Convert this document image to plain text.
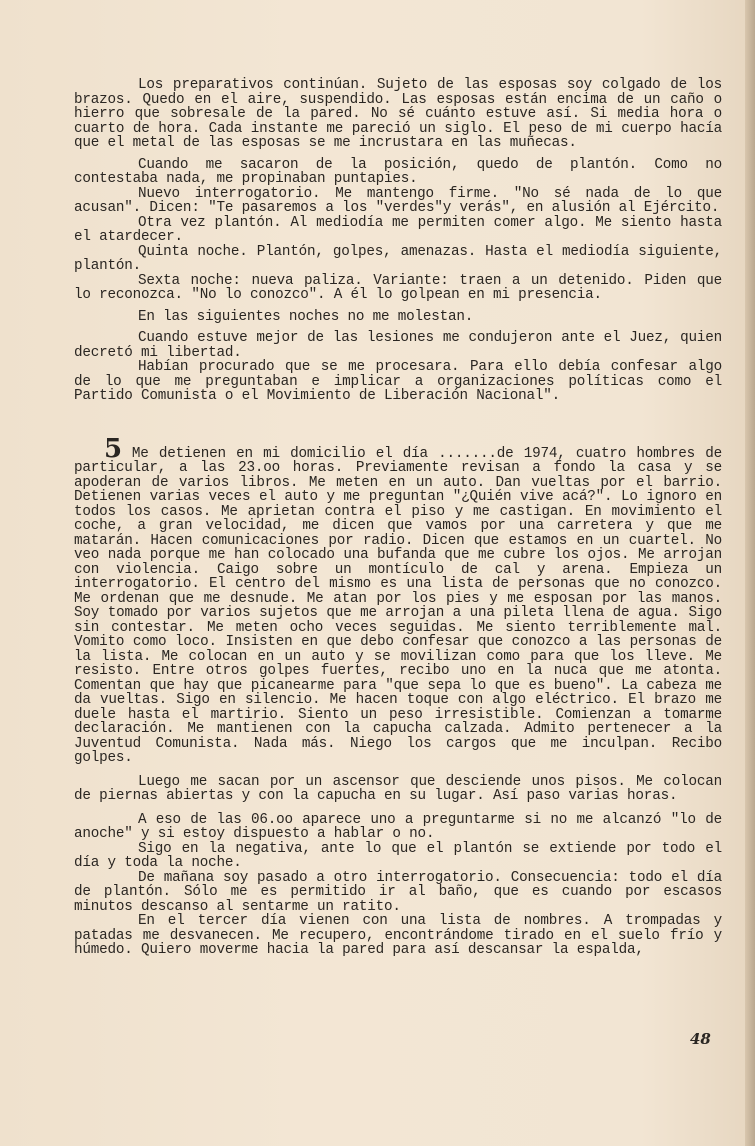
Los preparativos continúan. Sujeto de las esposas soy colgado de los brazos. Quedo en el aire, suspendido. Las esposas están encima de un caño o hierro que sobresale de la pared. No sé cuánto estuve así. Si media hora o cuarto de hora. Cada instante me pareció un siglo. El peso de mi cuerpo hacía que el metal de las esposas se me incrustara en las muñecas.

Cuando me sacaron de la posición, quedo de plantón. Como no contestaba nada, me propinaban puntapies.

Nuevo interrogatorio. Me mantengo firme. "No sé nada de lo que acusan". Dicen: "Te pasaremos a los "verdes"y verás", en alusión al Ejército.

Otra vez plantón. Al mediodía me permiten comer algo. Me siento hasta el atardecer.

Quinta noche. Plantón, golpes, amenazas. Hasta el mediodía siguiente, plantón.

Sexta noche: nueva paliza. Variante: traen a un detenido. Piden que lo reconozca. "No lo conozco". A él lo golpean en mi presencia.

En las siguientes noches no me molestan.

Cuando estuve mejor de las lesiones me condujeron ante el Juez, quien decretó mi libertad.

Habían procurado que se me procesara. Para ello debía confesar algo de lo que me preguntaban e implicar a organizaciones políticas como el Partido Comunista o el Movimiento de Liberación Nacional".

5 Me detienen en mi domicilio el día .......de 1974, cuatro hombres de particular, a las 23.oo horas. Previamente revisan a fondo la casa y se apoderan de varios libros. Me meten en un auto. Dan vueltas por el barrio. Detienen varias veces el auto y me preguntan "¿Quién vive acá?". Lo ignoro en todos los casos. Me aprietan contra el piso y me castigan. En movimiento el coche, a gran velocidad, me dicen que vamos por una carretera y que me matarán. Hacen comunicaciones por radio. Dicen que estamos en un cuartel. No veo nada porque me han colocado una bufanda que me cubre los ojos. Me arrojan con violencia. Caigo sobre un montículo de cal y arena. Empieza un interrogatorio. El centro del mismo es una lista de personas que no conozco. Me ordenan que me desnude. Me atan por los pies y me esposan por las manos. Soy tomado por varios sujetos que me arrojan a una pileta llena de agua. Sigo sin contestar. Me meten ocho veces seguidas. Me siento terriblemente mal. Vomito como loco. Insisten en que debo confesar que conozco a las personas de la lista. Me colocan en un auto y se movilizan como para que los lleve. Me resisto. Entre otros golpes fuertes, recibo uno en la nuca que me atonta. Comentan que hay que picanearme para "que sepa lo que es bueno". La cabeza me da vueltas. Sigo en silencio. Me hacen toque con algo eléctrico. El brazo me duele hasta el martirio. Siento un peso irresistible. Comienzan a tomarme declaración. Me mantienen con la capucha calzada. Admito pertenecer a la Juventud Comunista. Nada más. Niego los cargos que me inculpan. Recibo golpes.

Luego me sacan por un ascensor que desciende unos pisos. Me colocan de piernas abiertas y con la capucha en su lugar. Así paso varias horas.

A eso de las 06.oo aparece uno a preguntarme si no me alcanzó "lo de anoche" y si estoy dispuesto a hablar o no.

Sigo en la negativa, ante lo que el plantón se extiende por todo el día y toda la noche.

De mañana soy pasado a otro interrogatorio. Consecuencia: todo el día de plantón. Sólo me es permitido ir al baño, que es cuando por escasos minutos descanso al sentarme un ratito.

En el tercer día vienen con una lista de nombres. A trompadas y patadas me desvanecen. Me recupero, encontrándome tirado en el suelo frío y húmedo. Quiero moverme hacia la pared para así descansar la espalda,

48
